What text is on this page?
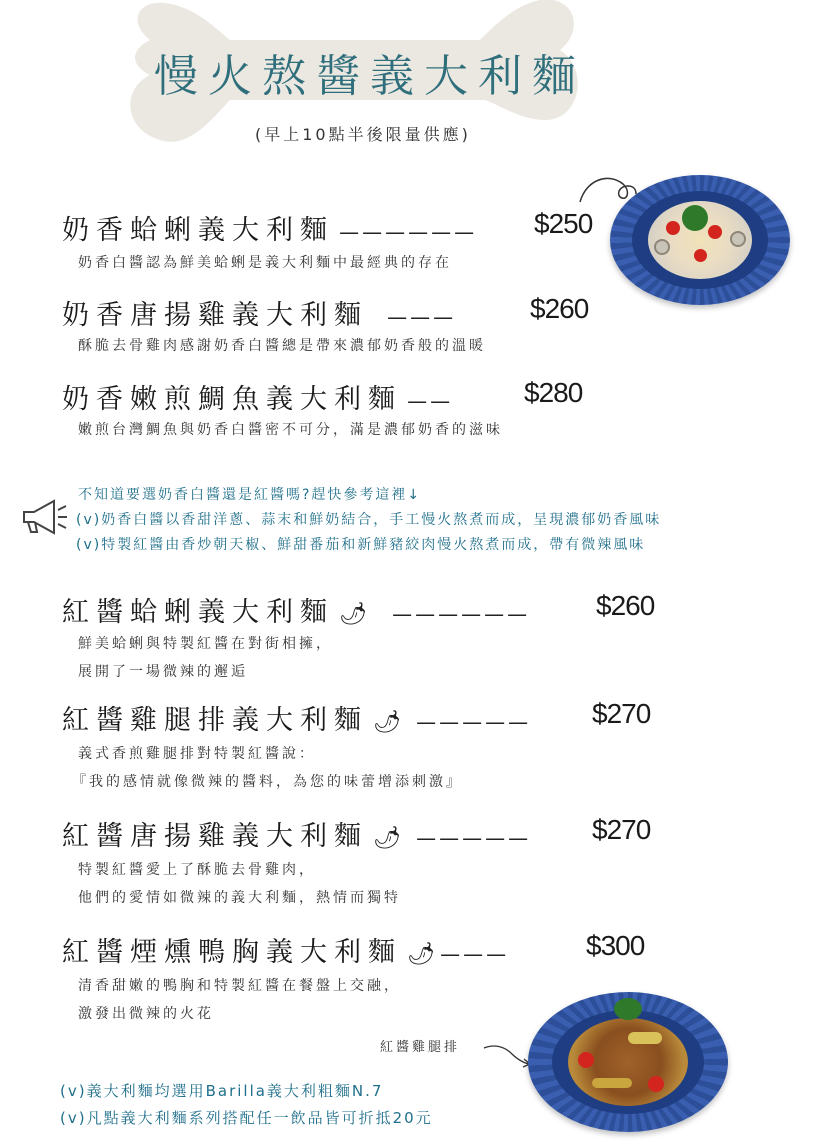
慢火熬醬義大利麵
(早上10點半後限量供應)
奶香蛤蜊義大利麵 —————— $250
奶香白醬認為鮮美蛤蜊是義大利麵中最經典的存在
奶香唐揚雞義大利麵 ———	$260
酥脆去骨雞肉感謝奶香白醬總是帶來濃郁奶香般的溫暖
奶香嫩煎鯛魚義大利麵 ——	$280
嫩煎台灣鯛魚與奶香白醬密不可分，滿是濃郁奶香的滋味
不知道要選奶香白醬還是紅醬嗎?趕快參考這裡↓
(v)奶香白醬以香甜洋蔥、蒜末和鮮奶結合，手工慢火熬煮而成，呈現濃郁奶香風味
(v)特製紅醬由香炒朝天椒、鮮甜番茄和新鮮豬絞肉慢火熬煮而成，帶有微辣風味
紅醬蛤蜊義大利麵 🌶 —————— $260
鮮美蛤蜊與特製紅醬在對街相擁，
展開了一場微辣的邂逅
紅醬雞腿排義大利麵 🌶 ————— $270
義式香煎雞腿排對特製紅醬說：
『我的感情就像微辣的醬料，為您的味蕾增添刺激』
紅醬唐揚雞義大利麵 🌶 ————— $270
特製紅醬愛上了酥脆去骨雞肉，
他們的愛情如微辣的義大利麵，熱情而獨特
紅醬煙燻鴨胸義大利麵 🌶 ———	$300
清香甜嫩的鴨胸和特製紅醬在餐盤上交融，
激發出微辣的火花
紅醬雞腿排
(v)義大利麵均選用Barilla義大利粗麵N.7
(v)凡點義大利麵系列搭配任一飲品皆可折抵20元
